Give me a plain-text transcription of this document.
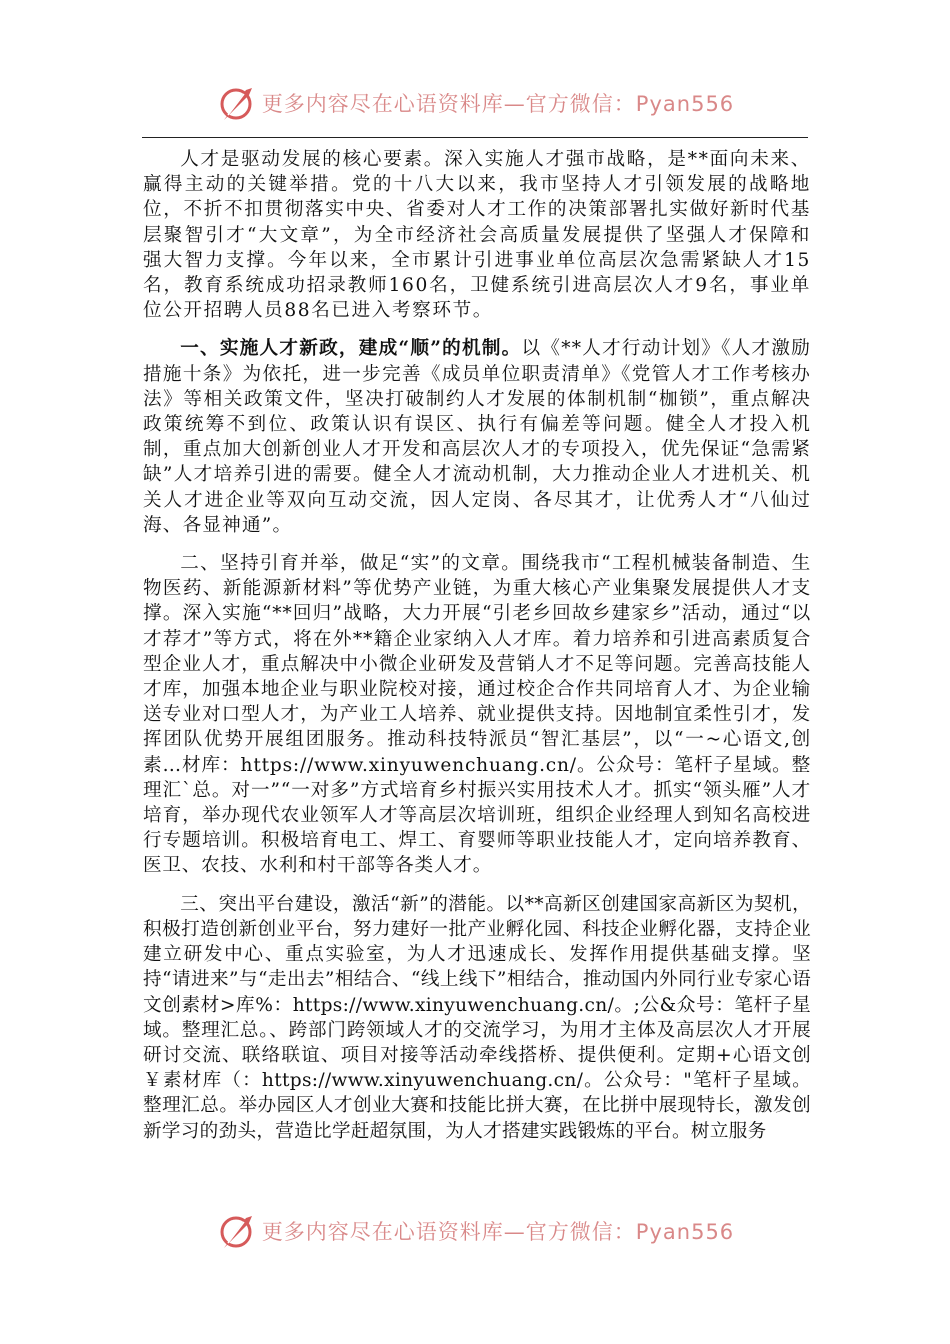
更多内容尽在心语资料库—官方微信：Pyan556

人才是驱动发展的核心要素。深入实施人才强市战略，是**面向未来、赢得主动的关键举措。党的十八大以来，我市坚持人才引领发展的战略地位，不折不扣贯彻落实中央、省委对人才工作的决策部署扎实做好新时代基层聚智引才“大文章”，为全市经济社会高质量发展提供了坚强人才保障和强大智力支撑。今年以来，全市累计引进事业单位高层次急需紧缺人才15名，教育系统成功招录教师160名，卫健系统引进高层次人才9名，事业单位公开招聘人员88名已进入考察环节。

一、实施人才新政，建成“顺”的机制。以《**人才行动计划》《人才激励措施十条》为依托，进一步完善《成员单位职责清单》《党管人才工作考核办法》等相关政策文件，坚决打破制约人才发展的体制机制“枷锁”，重点解决政策统筹不到位、政策认识有误区、执行有偏差等问题。健全人才投入机制，重点加大创新创业人才开发和高层次人才的专项投入，优先保证“急需紧缺”人才培养引进的需要。健全人才流动机制，大力推动企业人才进机关、机关人才进企业等双向互动交流，因人定岗、各尽其才，让优秀人才“八仙过海、各显神通”。

二、坚持引育并举，做足“实”的文章。围绕我市“工程机械装备制造、生物医药、新能源新材料”等优势产业链，为重大核心产业集聚发展提供人才支撑。深入实施“**回归”战略，大力开展“引老乡回故乡建家乡”活动，通过“以才荐才”等方式，将在外**籍企业家纳入人才库。着力培养和引进高素质复合型企业人才，重点解决中小微企业研发及营销人才不足等问题。完善高技能人才库，加强本地企业与职业院校对接，通过校企合作共同培育人才、为企业输送专业对口型人才，为产业工人培养、就业提供支持。因地制宜柔性引才，发挥团队优势开展组团服务。推动科技特派员“智汇基层”，以“一~心语文,创素…材库：https://www.xinyuwenchuang.cn/。公众号：笔杆子星域。整理汇`总。对一”“一对多”方式培育乡村振兴实用技术人才。抓实“领头雁”人才培育，举办现代农业领军人才等高层次培训班，组织企业经理人到知名高校进行专题培训。积极培育电工、焊工、育婴师等职业技能人才，定向培养教育、医卫、农技、水利和村干部等各类人才。

三、突出平台建设，激活“新”的潜能。以**高新区创建国家高新区为契机，积极打造创新创业平台，努力建好一批产业孵化园、科技企业孵化器，支持企业建立研发中心、重点实验室，为人才迅速成长、发挥作用提供基础支撑。坚持“请进来”与“走出去”相结合、“线上线下”相结合，推动国内外同行业专家心语文创素材>库%：https://www.xinyuwenchuang.cn/。;公&众号：笔杆子星域。整理汇总。、跨部门跨领域人才的交流学习，为用才主体及高层次人才开展研讨交流、联络联谊、项目对接等活动牵线搭桥、提供便利。定期+心语文创￥素材库（：https://www.xinyuwenchuang.cn/。公众号："笔杆子星域。整理汇总。举办园区人才创业大赛和技能比拼大赛，在比拼中展现特长，激发创新学习的劲头，营造比学赶超氛围，为人才搭建实践锻炼的平台。树立服务

更多内容尽在心语资料库—官方微信：Pyan556
